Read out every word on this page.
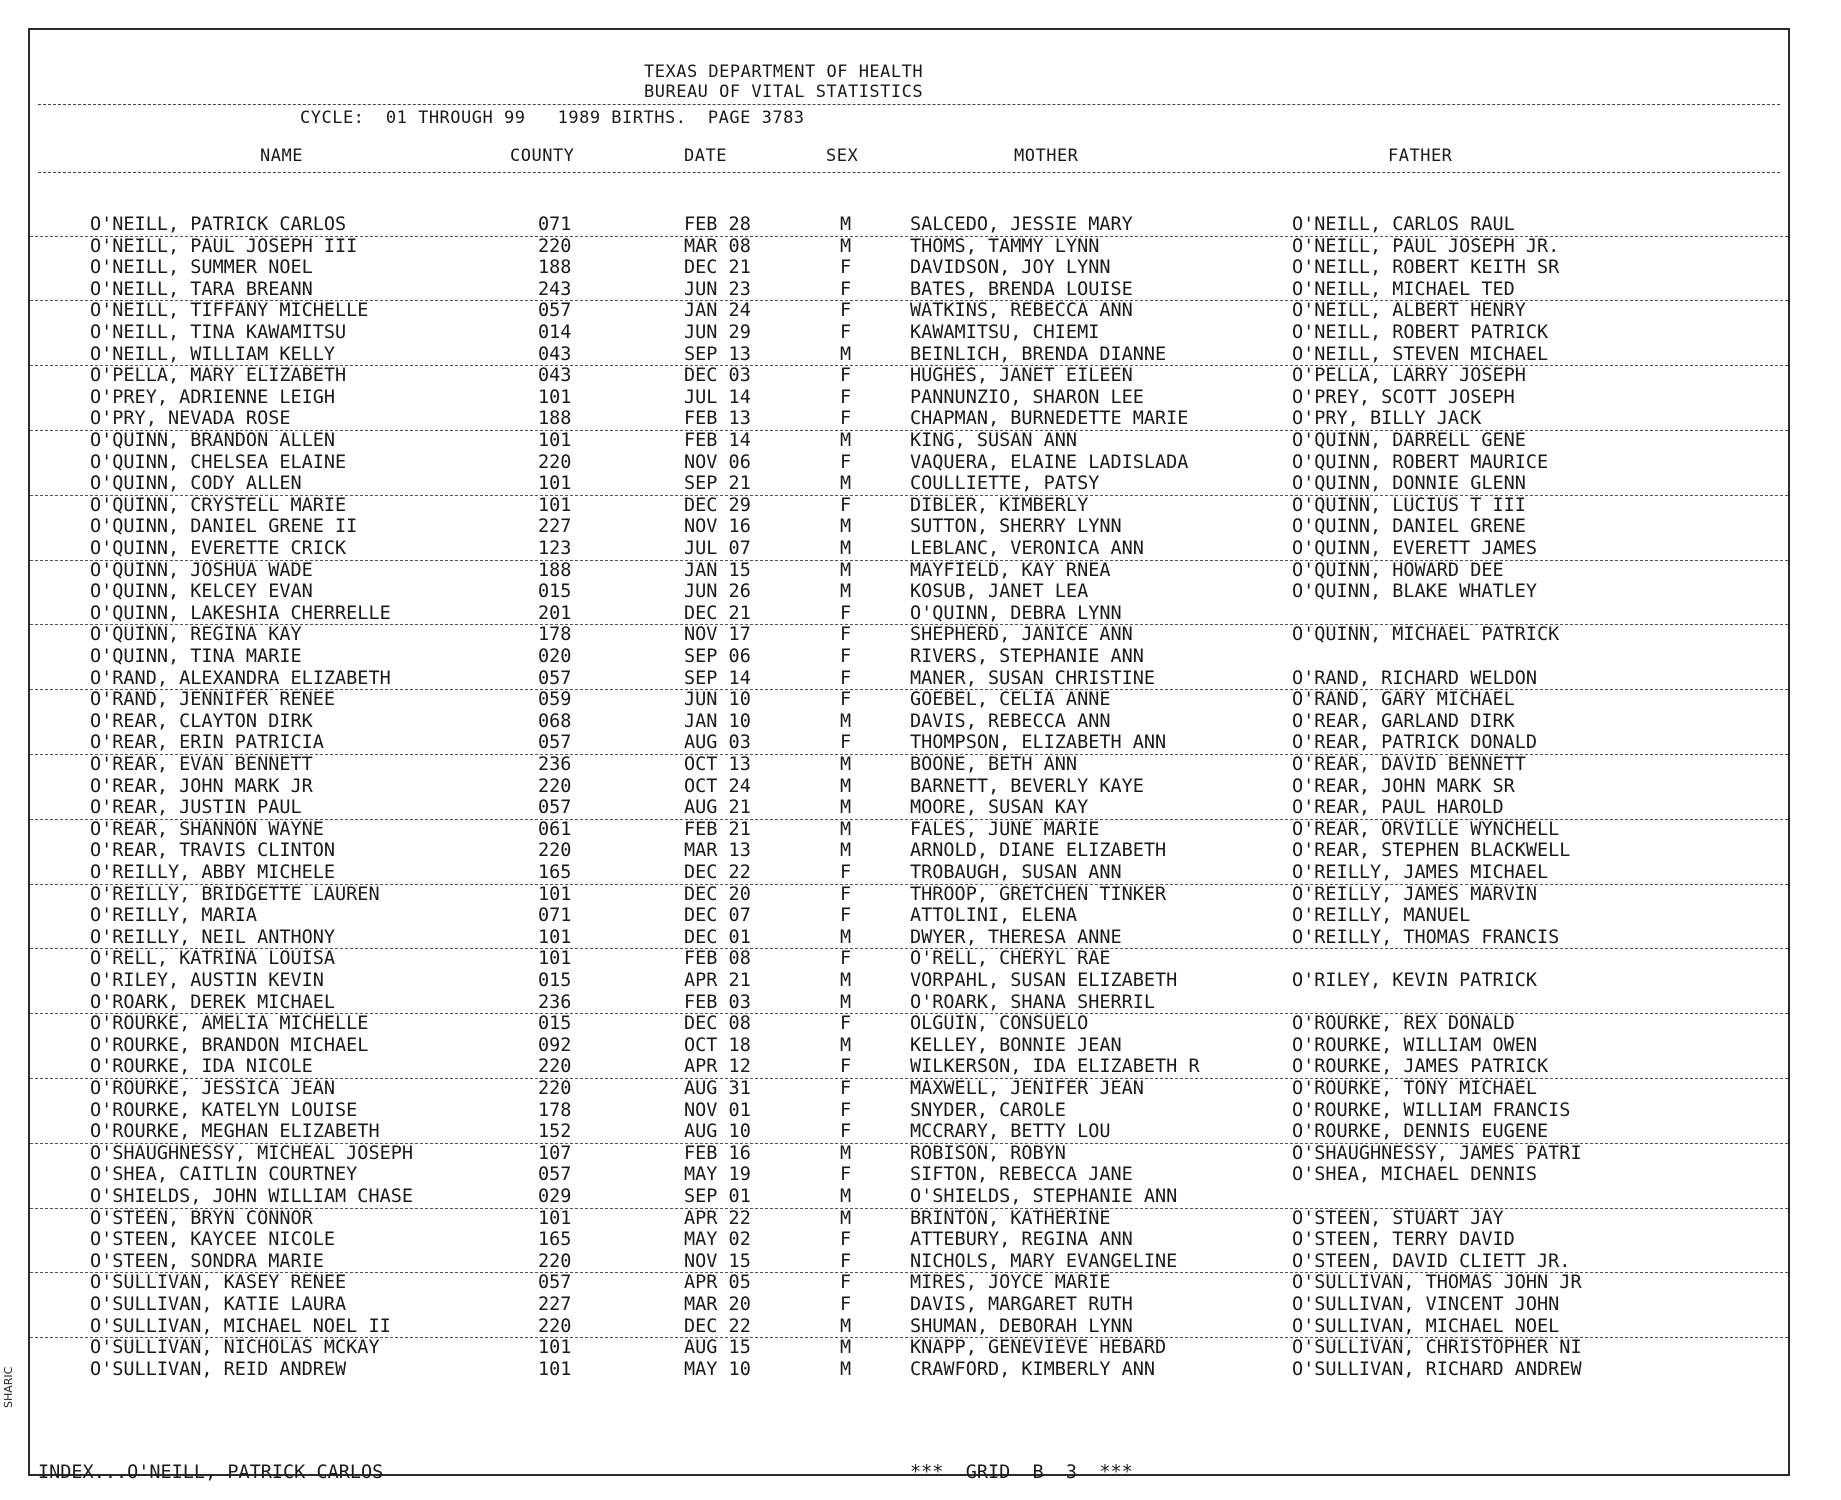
SHARIC
TEXAS DEPARTMENT OF HEALTH
BUREAU OF VITAL STATISTICS
CYCLE:  01 THROUGH 99   1989 BIRTHS.  PAGE 3783
NAME	COUNTY	DATE	SEX	MOTHER	FATHER
O'NEILL, PATRICK CARLOS	071	FEB 28	M	SALCEDO, JESSIE MARY	O'NEILL, CARLOS RAUL
O'NEILL, PAUL JOSEPH III	220	MAR 08	M	THOMS, TAMMY LYNN	O'NEILL, PAUL JOSEPH JR.
O'NEILL, SUMMER NOEL	188	DEC 21	F	DAVIDSON, JOY LYNN	O'NEILL, ROBERT KEITH SR
O'NEILL, TARA BREANN	243	JUN 23	F	BATES, BRENDA LOUISE	O'NEILL, MICHAEL TED
O'NEILL, TIFFANY MICHELLE	057	JAN 24	F	WATKINS, REBECCA ANN	O'NEILL, ALBERT HENRY
O'NEILL, TINA KAWAMITSU	014	JUN 29	F	KAWAMITSU, CHIEMI	O'NEILL, ROBERT PATRICK
O'NEILL, WILLIAM KELLY	043	SEP 13	M	BEINLICH, BRENDA DIANNE	O'NEILL, STEVEN MICHAEL
O'PELLA, MARY ELIZABETH	043	DEC 03	F	HUGHES, JANET EILEEN	O'PELLA, LARRY JOSEPH
O'PREY, ADRIENNE LEIGH	101	JUL 14	F	PANNUNZIO, SHARON LEE	O'PREY, SCOTT JOSEPH
O'PRY, NEVADA ROSE	188	FEB 13	F	CHAPMAN, BURNEDETTE MARIE	O'PRY, BILLY JACK
O'QUINN, BRANDON ALLEN	101	FEB 14	M	KING, SUSAN ANN	O'QUINN, DARRELL GENE
O'QUINN, CHELSEA ELAINE	220	NOV 06	F	VAQUERA, ELAINE LADISLADA	O'QUINN, ROBERT MAURICE
O'QUINN, CODY ALLEN	101	SEP 21	M	COULLIETTE, PATSY	O'QUINN, DONNIE GLENN
O'QUINN, CRYSTELL MARIE	101	DEC 29	F	DIBLER, KIMBERLY	O'QUINN, LUCIUS T III
O'QUINN, DANIEL GRENE II	227	NOV 16	M	SUTTON, SHERRY LYNN	O'QUINN, DANIEL GRENE
O'QUINN, EVERETTE CRICK	123	JUL 07	M	LEBLANC, VERONICA ANN	O'QUINN, EVERETT JAMES
O'QUINN, JOSHUA WADE	188	JAN 15	M	MAYFIELD, KAY RNEA	O'QUINN, HOWARD DEE
O'QUINN, KELCEY EVAN	015	JUN 26	M	KOSUB, JANET LEA	O'QUINN, BLAKE WHATLEY
O'QUINN, LAKESHIA CHERRELLE	201	DEC 21	F	O'QUINN, DEBRA LYNN
O'QUINN, REGINA KAY	178	NOV 17	F	SHEPHERD, JANICE ANN	O'QUINN, MICHAEL PATRICK
O'QUINN, TINA MARIE	020	SEP 06	F	RIVERS, STEPHANIE ANN
O'RAND, ALEXANDRA ELIZABETH	057	SEP 14	F	MANER, SUSAN CHRISTINE	O'RAND, RICHARD WELDON
O'RAND, JENNIFER RENEE	059	JUN 10	F	GOEBEL, CELIA ANNE	O'RAND, GARY MICHAEL
O'REAR, CLAYTON DIRK	068	JAN 10	M	DAVIS, REBECCA ANN	O'REAR, GARLAND DIRK
O'REAR, ERIN PATRICIA	057	AUG 03	F	THOMPSON, ELIZABETH ANN	O'REAR, PATRICK DONALD
O'REAR, EVAN BENNETT	236	OCT 13	M	BOONE, BETH ANN	O'REAR, DAVID BENNETT
O'REAR, JOHN MARK JR	220	OCT 24	M	BARNETT, BEVERLY KAYE	O'REAR, JOHN MARK SR
O'REAR, JUSTIN PAUL	057	AUG 21	M	MOORE, SUSAN KAY	O'REAR, PAUL HAROLD
O'REAR, SHANNON WAYNE	061	FEB 21	M	FALES, JUNE MARIE	O'REAR, ORVILLE WYNCHELL
O'REAR, TRAVIS CLINTON	220	MAR 13	M	ARNOLD, DIANE ELIZABETH	O'REAR, STEPHEN BLACKWELL
O'REILLY, ABBY MICHELE	165	DEC 22	F	TROBAUGH, SUSAN ANN	O'REILLY, JAMES MICHAEL
O'REILLY, BRIDGETTE LAUREN	101	DEC 20	F	THROOP, GRETCHEN TINKER	O'REILLY, JAMES MARVIN
O'REILLY, MARIA	071	DEC 07	F	ATTOLINI, ELENA	O'REILLY, MANUEL
O'REILLY, NEIL ANTHONY	101	DEC 01	M	DWYER, THERESA ANNE	O'REILLY, THOMAS FRANCIS
O'RELL, KATRINA LOUISA	101	FEB 08	F	O'RELL, CHERYL RAE
O'RILEY, AUSTIN KEVIN	015	APR 21	M	VORPAHL, SUSAN ELIZABETH	O'RILEY, KEVIN PATRICK
O'ROARK, DEREK MICHAEL	236	FEB 03	M	O'ROARK, SHANA SHERRIL
O'ROURKE, AMELIA MICHELLE	015	DEC 08	F	OLGUIN, CONSUELO	O'ROURKE, REX DONALD
O'ROURKE, BRANDON MICHAEL	092	OCT 18	M	KELLEY, BONNIE JEAN	O'ROURKE, WILLIAM OWEN
O'ROURKE, IDA NICOLE	220	APR 12	F	WILKERSON, IDA ELIZABETH R	O'ROURKE, JAMES PATRICK
O'ROURKE, JESSICA JEAN	220	AUG 31	F	MAXWELL, JENIFER JEAN	O'ROURKE, TONY MICHAEL
O'ROURKE, KATELYN LOUISE	178	NOV 01	F	SNYDER, CAROLE	O'ROURKE, WILLIAM FRANCIS
O'ROURKE, MEGHAN ELIZABETH	152	AUG 10	F	MCCRARY, BETTY LOU	O'ROURKE, DENNIS EUGENE
O'SHAUGHNESSY, MICHEAL JOSEPH	107	FEB 16	M	ROBISON, ROBYN	O'SHAUGHNESSY, JAMES PATRI
O'SHEA, CAITLIN COURTNEY	057	MAY 19	F	SIFTON, REBECCA JANE	O'SHEA, MICHAEL DENNIS
O'SHIELDS, JOHN WILLIAM CHASE	029	SEP 01	M	O'SHIELDS, STEPHANIE ANN
O'STEEN, BRYN CONNOR	101	APR 22	M	BRINTON, KATHERINE	O'STEEN, STUART JAY
O'STEEN, KAYCEE NICOLE	165	MAY 02	F	ATTEBURY, REGINA ANN	O'STEEN, TERRY DAVID
O'STEEN, SONDRA MARIE	220	NOV 15	F	NICHOLS, MARY EVANGELINE	O'STEEN, DAVID CLIETT JR.
O'SULLIVAN, KASEY RENEE	057	APR 05	F	MIRES, JOYCE MARIE	O'SULLIVAN, THOMAS JOHN JR
O'SULLIVAN, KATIE LAURA	227	MAR 20	F	DAVIS, MARGARET RUTH	O'SULLIVAN, VINCENT JOHN
O'SULLIVAN, MICHAEL NOEL II	220	DEC 22	M	SHUMAN, DEBORAH LYNN	O'SULLIVAN, MICHAEL NOEL
O'SULLIVAN, NICHOLAS MCKAY	101	AUG 15	M	KNAPP, GENEVIEVE HEBARD	O'SULLIVAN, CHRISTOPHER NI
O'SULLIVAN, REID ANDREW	101	MAY 10	M	CRAWFORD, KIMBERLY ANN	O'SULLIVAN, RICHARD ANDREW
INDEX...O'NEILL, PATRICK CARLOS	***  GRID  B  3  ***
